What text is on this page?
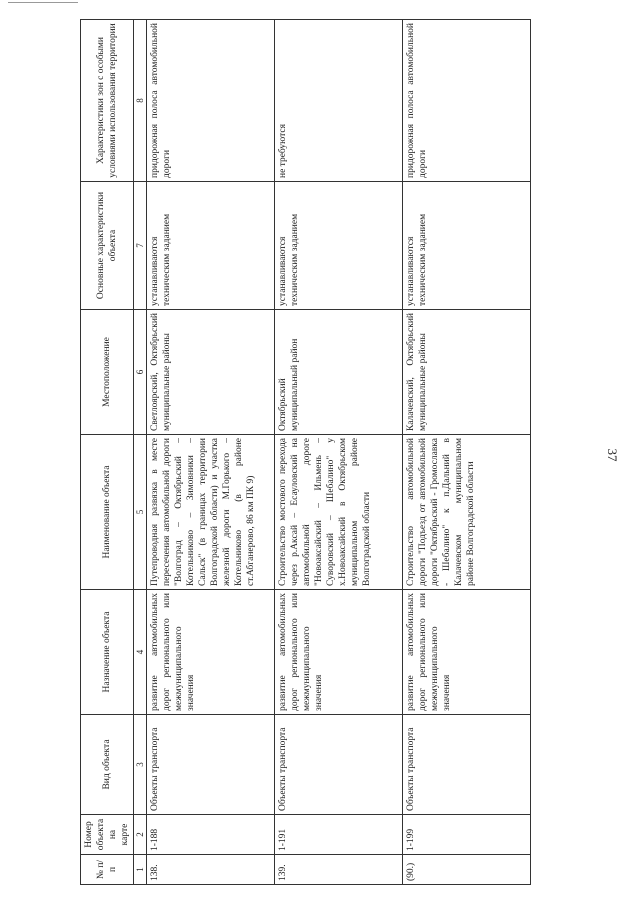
37
№ п/п	Номер объекта на карте	Вид объекта	Назначение объекта	Наименование объекта	Местоположение	Основные характеристики объекта	Характеристики зон с особыми условиями использования территории
1	2	3	4	5	6	7	8
138.	1-188	Объекты транспорта	развитие автомобильных дорог регионального или межмуниципального значения	Путепроводная развязка в месте пересечения автомобильной дороги "Волгоград – Октябрьский – Котельниково – Зимовники – Сальск" (в границах территории Волгоградской области) и участка железной дороги М.Горького – Котельниково (в районе ст.Абганерово, 86 км ПК 9)	Светлоярский, Октябрьский муниципальные районы	устанавливаются техническим заданием	придорожная полоса автомобильной дороги
139.	1-191	Объекты транспорта	развитие автомобильных дорог регионального или межмуниципального значения	Строительство мостового перехода через р.Аксай – Есауловский на автомобильной дороге "Новоаксайский – Ильмень – Суворовский – Шебалино" у х.Новоаксайский в Октябрьском муниципальном районе Волгоградской области	Октябрьский муниципальный район	устанавливаются техническим заданием	не требуются
(90.)	1-199	Объекты транспорта	развитие автомобильных дорог регионального или межмуниципального значения	Строительство автомобильной дороги "Подъезд от автомобильной дороги "Октябрьский - Громославка - Шебалино" к п.Дальний в Калачевском муниципальном районе Волгоградской области	Калачевский, Октябрьский муниципальные районы	устанавливаются техническим заданием	придорожная полоса автомобильной дороги
